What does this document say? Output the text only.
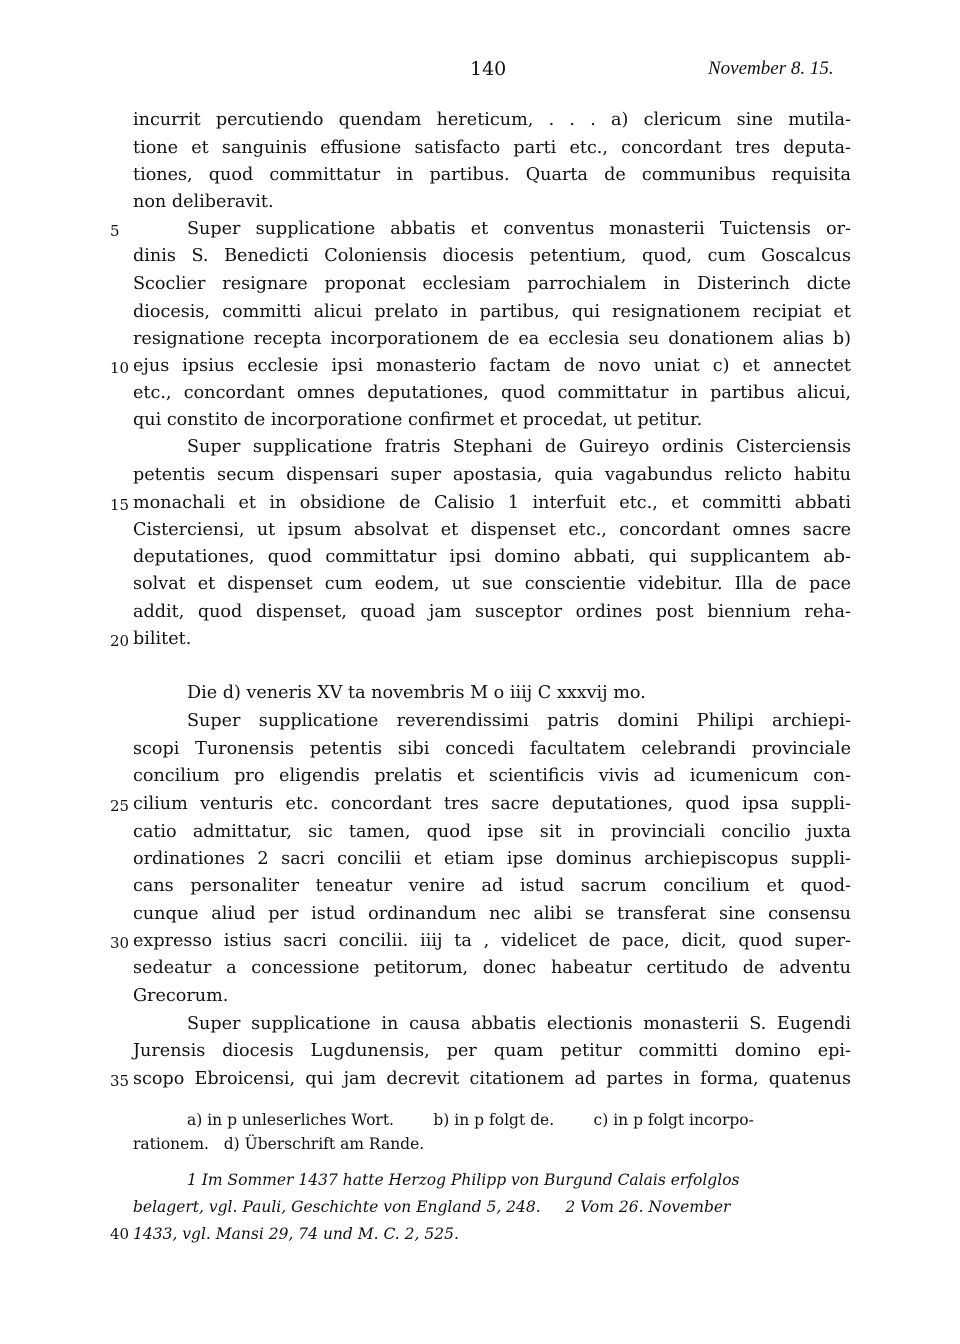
140	November 8. 15.
incurrit percutiendo quendam hereticum, . . . a) clericum sine mutila-
tione et sanguinis effusione satisfacto parti etc., concordant tres deputa-
tiones, quod committatur in partibus. Quarta de communibus requisita
non deliberavit.
Super supplicatione abbatis et conventus monasterii Tuictensis or-
dinis S. Benedicti Coloniensis diocesis petentium, quod, cum Goscalcus
Scoclier resignare proponat ecclesiam parrochialem in Disterinch dicte
diocesis, committi alicui prelato in partibus, qui resignationem recipiat et
resignatione recepta incorporationem de ea ecclesia seu donationem alias b)
ejus ipsius ecclesie ipsi monasterio factam de novo uniat c) et annectet
etc., concordant omnes deputationes, quod committatur in partibus alicui,
qui constito de incorporatione confirmet et procedat, ut petitur.
Super supplicatione fratris Stephani de Guireyo ordinis Cisterciensis
petentis secum dispensari super apostasia, quia vagabundus relicto habitu
monachali et in obsidione de Calisio 1 interfuit etc., et committi abbati
Cisterciensi, ut ipsum absolvat et dispenset etc., concordant omnes sacre
deputationes, quod committatur ipsi domino abbati, qui supplicantem ab-
solvat et dispenset cum eodem, ut sue conscientie videbitur. Illa de pace
addit, quod dispenset, quoad jam susceptor ordines post biennium reha-
bilitet.
Die d) veneris XV ta novembris M o iiij C xxxvij mo.
Super supplicatione reverendissimi patris domini Philipi archiepi-
scopi Turonensis petentis sibi concedi facultatem celebrandi provinciale
concilium pro eligendis prelatis et scientificis vivis ad icumenicum con-
cilium venturis etc. concordant tres sacre deputationes, quod ipsa suppli-
catio admittatur, sic tamen, quod ipse sit in provinciali concilio juxta
ordinationes 2 sacri concilii et etiam ipse dominus archiepiscopus suppli-
cans personaliter teneatur venire ad istud sacrum concilium et quod-
cunque aliud per istud ordinandum nec alibi se transferat sine consensu
expresso istius sacri concilii. iiij ta , videlicet de pace, dicit, quod super-
sedeatur a concessione petitorum, donec habeatur certitudo de adventu
Grecorum.
Super supplicatione in causa abbatis electionis monasterii S. Eugendi
Jurensis diocesis Lugdunensis, per quam petitur committi domino epi-
scopo Ebroicensi, qui jam decrevit citationem ad partes in forma, quatenus
5
10
15
20
25
30
35
40
a) in p unleserliches Wort.        b) in p folgt de.        c) in p folgt incorpo-
rationem.   d) Überschrift am Rande.
1 Im Sommer 1437 hatte Herzog Philipp von Burgund Calais erfolglos
belagert, vgl. Pauli, Geschichte von England 5, 248.     2 Vom 26. November
1433, vgl. Mansi 29, 74 und M. C. 2, 525.
